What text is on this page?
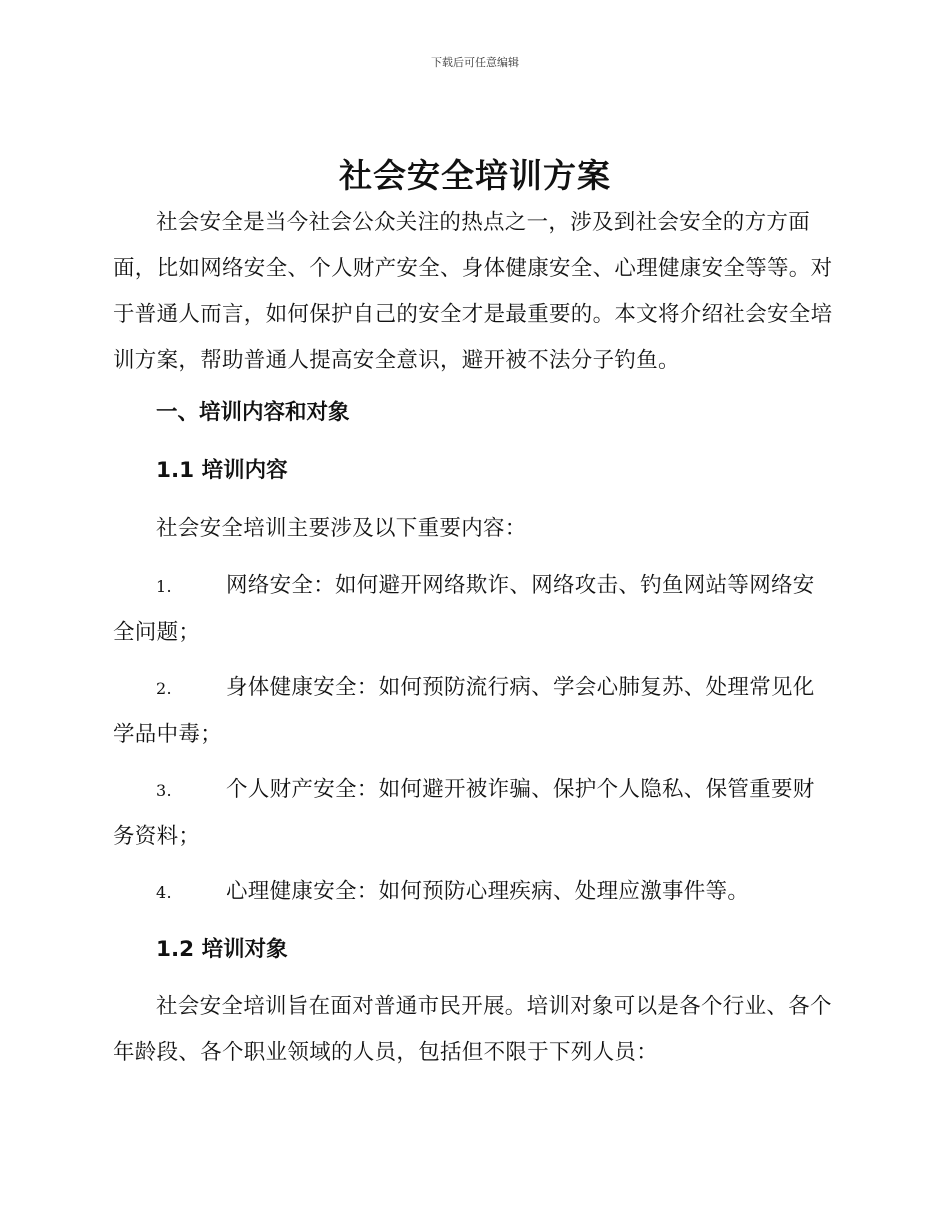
下载后可任意编辑
社会安全培训方案
社会安全是当今社会公众关注的热点之一，涉及到社会安全的方方面面，比如网络安全、个人财产安全、身体健康安全、心理健康安全等等。对于普通人而言，如何保护自己的安全才是最重要的。本文将介绍社会安全培训方案，帮助普通人提高安全意识，避开被不法分子钓鱼。
一、培训内容和对象
1.1 培训内容
社会安全培训主要涉及以下重要内容：
1.	网络安全：如何避开网络欺诈、网络攻击、钓鱼网站等网络安全问题；
2.	身体健康安全：如何预防流行病、学会心肺复苏、处理常见化学品中毒；
3.	个人财产安全：如何避开被诈骗、保护个人隐私、保管重要财务资料；
4.	心理健康安全：如何预防心理疾病、处理应激事件等。
1.2 培训对象
社会安全培训旨在面对普通市民开展。培训对象可以是各个行业、各个年龄段、各个职业领域的人员，包括但不限于下列人员：
